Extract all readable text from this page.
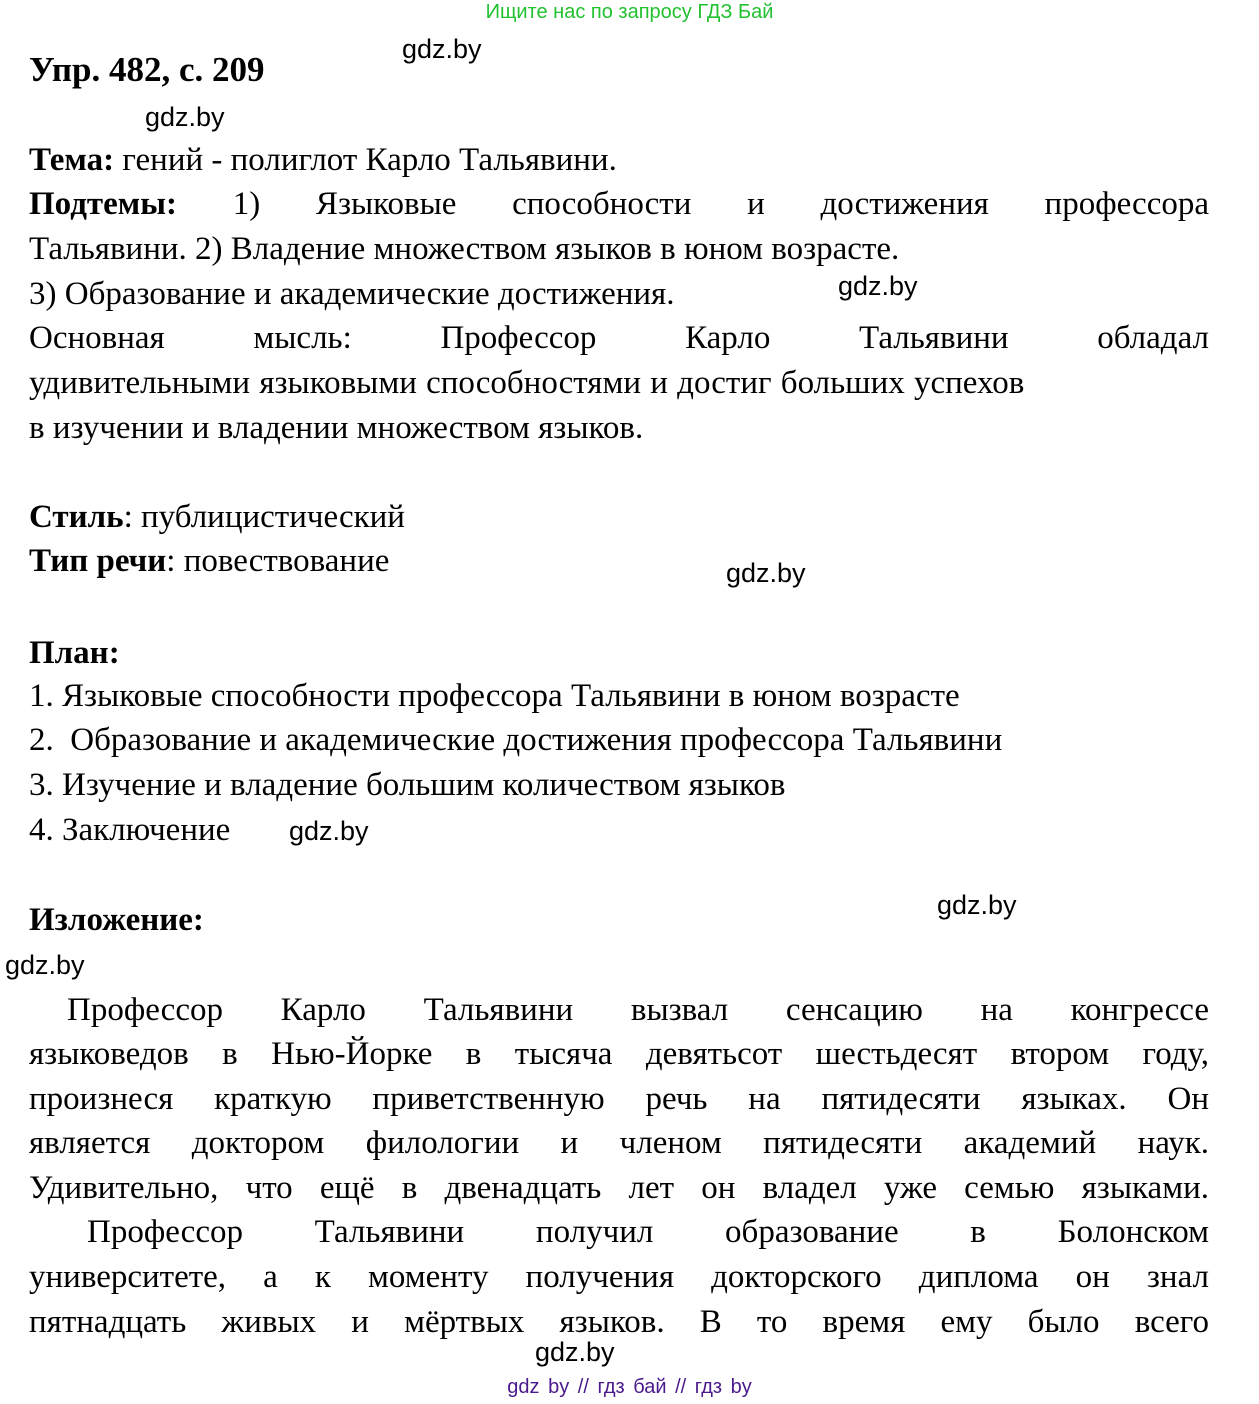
Ищите нас по запросу ГДЗ Бай
gdz.by
gdz.by
gdz.by
gdz.by
gdz.by
gdz.by
gdz.by
gdz.by
Упр. 482, с. 209
Тема: гений - полиглот Карло Тальявини.
Подтемы: 1) Языковые способности и достижения профессора
Тальявини. 2) Владение множеством языков в юном возрасте.
3) Образование и академические достижения.
Основная мысль: Профессор Карло Тальявини обладал
удивительными языковыми способностями и достиг больших успехов
в изучении и владении множеством языков.
Стиль: публицистический
Тип речи: повествование
План:
1. Языковые способности профессора Тальявини в юном возрасте
2.  Образование и академические достижения профессора Тальявини
3. Изучение и владение большим количеством языков
4. Заключение
Изложение:
Профессор Карло Тальявини вызвал сенсацию на конгрессе
языковедов в Нью-Йорке в тысяча девятьсот шестьдесят втором году,
произнеся краткую приветственную речь на пятидесяти языках. Он
является доктором филологии и членом пятидесяти академий наук.
Удивительно, что ещё в двенадцать лет он владел уже семью языками.
Профессор Тальявини получил образование в Болонском
университете, а к моменту получения докторского диплома он знал
пятнадцать живых и мёртвых языков. В то время ему было всего
gdz by // гдз бай // гдз by
